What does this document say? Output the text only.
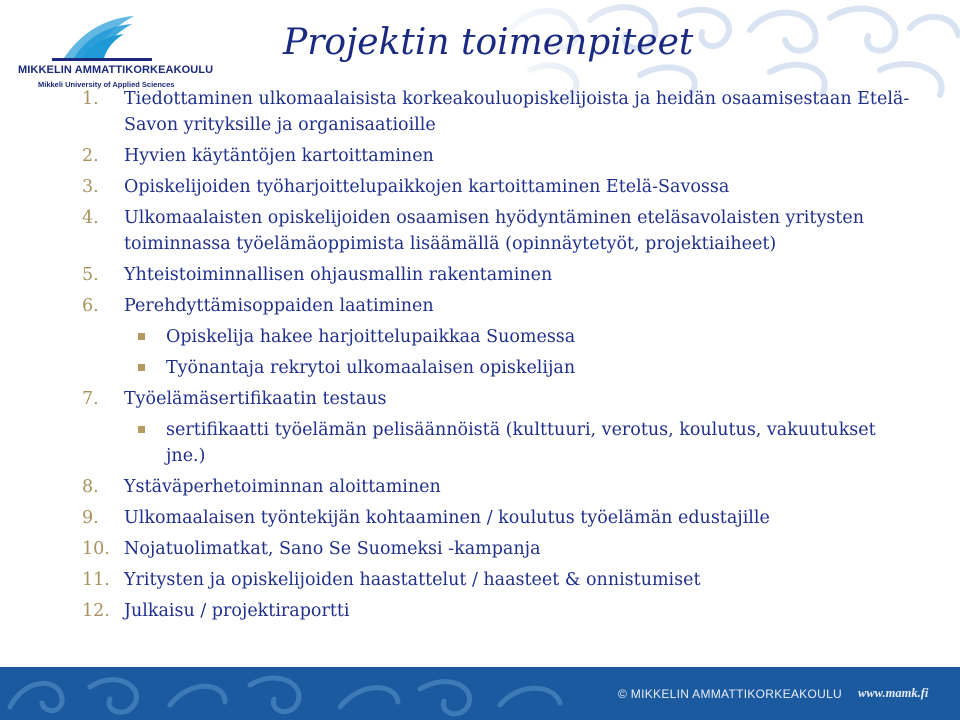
MIKKELIN AMMATTIKORKEAKOULU
Mikkeli University of Applied Sciences
Projektin toimenpiteet
1.	Tiedottaminen ulkomaalaisista korkeakouluopiskelijoista ja heidän osaamisestaan Etelä-Savon yrityksille ja organisaatioille
2.	Hyvien käytäntöjen kartoittaminen
3.	Opiskelijoiden työharjoittelupaikkojen kartoittaminen Etelä-Savossa
4.	Ulkomaalaisten opiskelijoiden osaamisen hyödyntäminen eteläsavolaisten yritysten toiminnassa työelämäoppimista lisäämällä (opinnäytetyöt, projektiaiheet)
5.	Yhteistoiminnallisen ohjausmallin rakentaminen
6.	Perehdyttämisoppaiden laatiminen
Opiskelija hakee harjoittelupaikkaa Suomessa
Työnantaja rekrytoi ulkomaalaisen opiskelijan
7.	Työelämäsertifikaatin testaus
sertifikaatti työelämän pelisäännöistä (kulttuuri, verotus, koulutus, vakuutukset jne.)
8.	Ystäväperhetoiminnan aloittaminen
9.	Ulkomaalaisen työntekijän kohtaaminen / koulutus työelämän edustajille
10. Nojatuolimatkat, Sano Se Suomeksi -kampanja
11. Yritysten ja opiskelijoiden haastattelut / haasteet & onnistumiset
12. Julkaisu / projektiraportti
© MIKKELIN AMMATTIKORKEAKOULU www.mamk.fi
